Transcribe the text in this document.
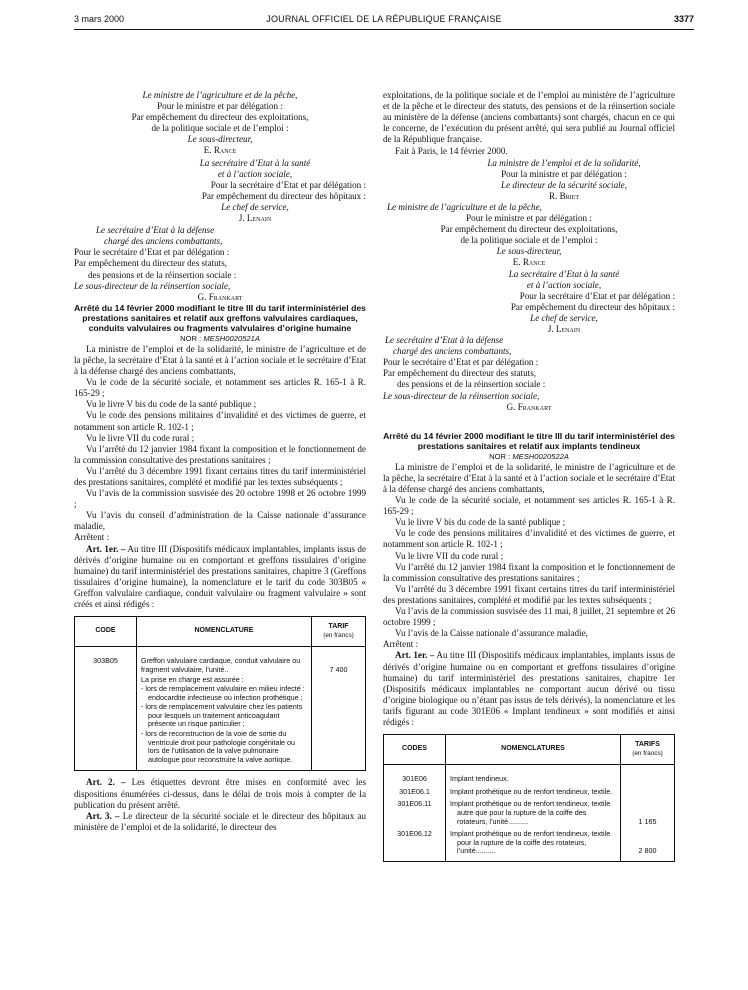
3 mars 2000	JOURNAL OFFICIEL DE LA RÉPUBLIQUE FRANÇAISE	3377

Le ministre de l’agriculture et de la pêche,

Pour le ministre et par délégation :

Par empêchement du directeur des exploitations,

de la politique sociale et de l’emploi :

Le sous-directeur,

E. Rance

La secrétaire d’Etat à la santé

et à l’action sociale,

Pour la secrétaire d’Etat et par délégation :

Par empêchement du directeur des hôpitaux :

Le chef de service,

J. Lenain

Le secrétaire d’Etat à la défense

chargé des anciens combattants,

Pour le secrétaire d’Etat et par délégation :

Par empêchement du directeur des statuts,

des pensions et de la réinsertion sociale :

Le sous-directeur de la réinsertion sociale,

G. Frankart

Arrêté du 14 février 2000 modifiant le titre III du tarif interministériel des prestations sanitaires et relatif aux greffons valvulaires cardiaques, conduits valvulaires ou fragments valvulaires d’origine humaine

NOR : MESH0020521A

La ministre de l’emploi et de la solidarité, le ministre de l’agriculture et de la pêche, la secrétaire d’Etat à la santé et à l’action sociale et le secrétaire d’Etat à la défense chargé des anciens combattants,

Vu le code de la sécurité sociale, et notamment ses articles R. 165-1 à R. 165-29 ;

Vu le livre V bis du code de la santé publique ;

Vu le code des pensions militaires d’invalidité et des victimes de guerre, et notamment son article R. 102-1 ;

Vu le livre VII du code rural ;

Vu l’arrêté du 12 janvier 1984 fixant la composition et le fonctionnement de la commission consultative des prestations sanitaires ;

Vu l’arrêté du 3 décembre 1991 fixant certains titres du tarif interministériel des prestations sanitaires, complété et modifié par les textes subséquents ;

Vu l’avis de la commission susvisée des 20 octobre 1998 et 26 octobre 1999 ;

Vu l’avis du conseil d’administration de la Caisse nationale d’assurance maladie,

Arrêtent :

Art. 1er. – Au titre III (Dispositifs médicaux implantables, implants issus de dérivés d’origine humaine ou en comportant et greffons tissulaires d’origine humaine) du tarif interministériel des prestations sanitaires, chapitre 3 (Greffons tissulaires d’origine humaine), la nomenclature et le tarif du code 303B05 « Greffon valvulaire cardiaque, conduit valvulaire ou fragment valvulaire » sont créés et ainsi rédigés :

CODE	NOMENCLATURE	TARIF
(en francs)

303B05	Greffon valvulaire cardiaque, conduit valvulaire ou fragment valvulaire, l’unité..

La prise en charge est assurée :

- lors de remplacement valvulaire en milieu infecté : endocardite infectieuse ou infection prothétique ;

- lors de remplacement valvulaire chez les patients pour lesquels un traitement anticoagulant présente un risque particulier ;

- lors de reconstruction de la voie de sortie du ventricule droit pour pathologie congénitale ou lors de l’utilisation de la valve pulmonaire autologue pour reconstruire la valve aortique.	7 400

Art. 2. – Les étiquettes devront être mises en conformité avec les dispositions énumérées ci-dessus, dans le délai de trois mois à compter de la publication du présent arrêté.

Art. 3. – Le directeur de la sécurité sociale et le directeur des hôpitaux au ministère de l’emploi et de la solidarité, le directeur des

exploitations, de la politique sociale et de l’emploi au ministère de l’agriculture et de la pêche et le directeur des statuts, des pensions et de la réinsertion sociale au ministère de la défense (anciens combattants) sont chargés, chacun en ce qui le concerne, de l’exécution du présent arrêté, qui sera publié au Journal officiel de la République française.

Fait à Paris, le 14 février 2000.

La ministre de l’emploi et de la solidarité,

Pour la ministre et par délégation :

Le directeur de la sécurité sociale,

R. Briet

Le ministre de l’agriculture et de la pêche,

Pour le ministre et par délégation :

Par empêchement du directeur des exploitations,

de la politique sociale et de l’emploi :

Le sous-directeur,

E. Rance

La secrétaire d’Etat à la santé

et à l’action sociale,

Pour la secrétaire d’Etat et par délégation :

Par empêchement du directeur des hôpitaux :

Le chef de service,

J. Lenain

Le secrétaire d’Etat à la défense

chargé des anciens combattants,

Pour le secrétaire d’Etat et par délégation :

Par empêchement du directeur des statuts,

des pensions et de la réinsertion sociale :

Le sous-directeur de la réinsertion sociale,

G. Frankart

Arrêté du 14 février 2000 modifiant le titre III du tarif interministériel des prestations sanitaires et relatif aux implants tendineux

NOR : MESH0020522A

La ministre de l’emploi et de la solidarité, le ministre de l’agriculture et de la pêche, la secrétaire d’Etat à la santé et à l’action sociale et le secrétaire d’Etat à la défense chargé des anciens combattants,

Vu le code de la sécurité sociale, et notamment ses articles R. 165-1 à R. 165-29 ;

Vu le livre V bis du code de la santé publique ;

Vu le code des pensions militaires d’invalidité et des victimes de guerre, et notamment son article R. 102-1 ;

Vu le livre VII du code rural ;

Vu l’arrêté du 12 janvier 1984 fixant la composition et le fonctionnement de la commission consultative des prestations sanitaires ;

Vu l’arrêté du 3 décembre 1991 fixant certains titres du tarif interministériel des prestations sanitaires, complété et modifié par les textes subséquents ;

Vu l’avis de la commission susvisée des 11 mai, 8 juillet, 21 septembre et 26 octobre 1999 ;

Vu l’avis de la Caisse nationale d’assurance maladie,

Arrêtent :

Art. 1er. – Au titre III (Dispositifs médicaux implantables, implants issus de dérivés d’origine humaine ou en comportant et greffons tissulaires d’origine humaine) du tarif interministériel des prestations sanitaires, chapitre 1er (Dispositifs médicaux implantables ne comportant aucun dérivé ou tissu d’origine biologique ou n’étant pas issus de tels dérivés), la nomenclature et les tarifs figurant au code 301E06 « Implant tendineux » sont modifiés et ainsi rédigés :

CODES	NOMENCLATURES	TARIFS
(en francs)

301E06	Implant tendineux.	
301E06.1	Implant prothétique ou de renfort tendineux, textile.	
301E06.11	Implant prothétique ou de renfort tendineux, textile autre que pour la rupture de la coiffe des rotateurs, l’unité..........	1 165
301E06.12	Implant prothétique ou de renfort tendineux, textile pour la rupture de la coiffe des rotateurs, l’unité..........	2 800
